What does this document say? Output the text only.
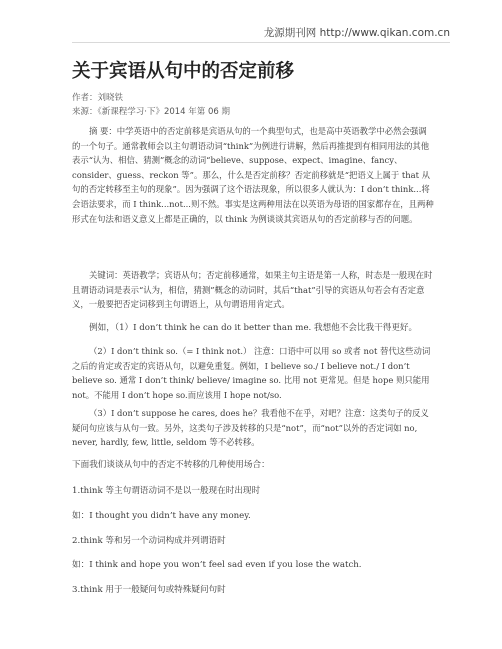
龙源期刊网 http://www.qikan.com.cn
关于宾语从句中的否定前移
作者：刘晓铁
来源：《新课程学习·下》2014 年第 06 期

摘 要：中学英语中的否定前移是宾语从句的一个典型句式，也是高中英语教学中必然会强调的一个句子。通常教师会以主句谓语动词“think”为例进行讲解，然后再推提到有相同用法的其他表示“认为、相信、猜测”概念的动词“believe、suppose、expect、imagine、fancy、consider、guess、reckon 等”。那么，什么是否定前移？否定前移就是“把语义上属于 that 从句的否定转移至主句的现象”。因为强调了这个语法现象，所以很多人就认为：I don’t think...将会语法要求，而 I think...not...则不然。事实是这两种用法在以英语为母语的国家都存在，且两种形式在句法和语义意义上都是正确的，以 think 为例谈谈其宾语从句的否定前移与否的问题。

关键词：英语教学；宾语从句；否定前移通常，如果主句主语是第一人称，时态是一般现在时且谓语动词是表示“认为，相信，猜测”概念的动词时，其后“that”引导的宾语从句若会有否定意义，一般要把否定词移到主句谓语上，从句谓语用肯定式。

例如，（1）I don’t think he can do it better than me. 我想他不会比我干得更好。

（2）I don’t think so.（= I think not.） 注意：口语中可以用 so 或者 not 替代这些动词之后的肯定或否定的宾语从句，以避免重复。例如，I believe so./ I believe not./ I don’t believe so. 通常 I don’t think/ believe/ imagine so. 比用 not 更常见。但是 hope 则只能用 not。不能用 I don’t hope so.而应该用 I hope not/so.

（3）I don’t suppose he cares, does he？我看他不在乎，对吧？注意：这类句子的反义疑问句应该与从句一致。另外，这类句子涉及转移的只是“not”，而“not”以外的否定词如 no, never, hardly, few, little, seldom 等不必转移。

下面我们谈谈从句中的否定不转移的几种使用场合：
1.think 等主句谓语动词不是以一般现在时出现时
如：I thought you didn’t have any money.
2.think 等和另一个动词构成并列谓语时
如：I think and hope you won’t feel sad even if you lose the watch.
3.think 用于一般疑问句或特殊疑问句时
